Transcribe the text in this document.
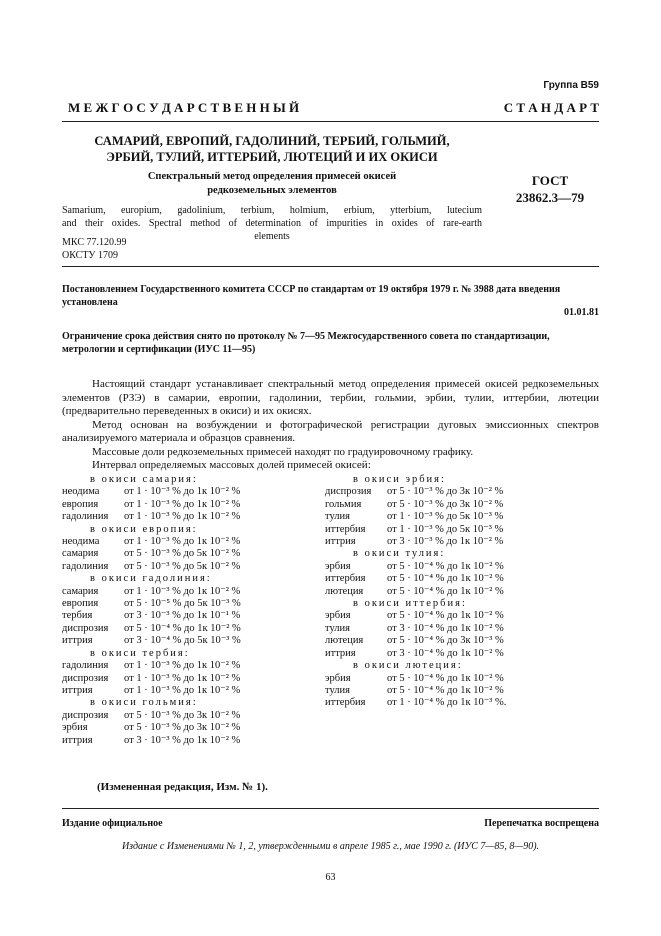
Группа В59
М Е Ж Г О С У Д А Р С Т В Е Н Н Ы Й	С Т А Н Д А Р Т
САМАРИЙ, ЕВРОПИЙ, ГАДОЛИНИЙ, ТЕРБИЙ, ГОЛЬМИЙ,
ЭРБИЙ, ТУЛИЙ, ИТТЕРБИЙ, ЛЮТЕЦИЙ И ИХ ОКИСИ
Спектральный метод определения примесей окисей
редкоземельных элементов
Samarium, europium, gadolinium, terbium, holmium, erbium, ytterbium, lutecium
and their oxides. Spectral method of determination of impurities in oxides of rare-earth
elements
ГОСТ
23862.3—79
МКС 77.120.99
ОКСТУ 1709
Постановлением Государственного комитета СССР по стандартам от 19 октября 1979 г. № 3988 дата введения установлена
01.01.81
Ограничение срока действия снято по протоколу № 7—95 Межгосударственного совета по стандартизации, метрологии и сертификации (ИУС 11—95)

Настоящий стандарт устанавливает спектральный метод определения примесей окисей редкоземельных элементов (РЗЭ) в самарии, европии, гадолинии, тербии, гольмии, эрбии, тулии, иттербии, лютеции (предварительно переведенных в окиси) и их окисях.

Метод основан на возбуждении и фотографической регистрации дуговых эмиссионных спектров анализируемого материала и образцов сравнения.

Массовые доли редкоземельных примесей находят по градуировочному графику.

Интервал определяемых массовых долей примесей окисей:

в окиси самария:
неодима	от 1 · 10⁻³ % до 1к 10⁻² %
европия	от 1 · 10⁻³ % до 1к 10⁻² %
гадолиния	от 1 · 10⁻³ % до 1к 10⁻² %
в окиси европия:
неодима	от 1 · 10⁻³ % до 1к 10⁻² %
самария	от 5 · 10⁻³ % до 5к 10⁻² %
гадолиния	от 5 · 10⁻³ % до 5к 10⁻² %
в окиси гадолиния:
самария	от 1 · 10⁻³ % до 1к 10⁻² %
европия	от 5 · 10⁻⁵ % до 5к 10⁻³ %
тербия	от 3 · 10⁻³ % до 1к 10⁻¹ %
диспрозия	от 5 · 10⁻⁴ % до 1к 10⁻² %
иттрия	от 3 · 10⁻⁴ % до 5к 10⁻³ %
в окиси тербия:
гадолиния	от 1 · 10⁻³ % до 1к 10⁻² %
диспрозия	от 1 · 10⁻³ % до 1к 10⁻² %
иттрия	от 1 · 10⁻³ % до 1к 10⁻² %
в окиси гольмия:
диспрозия	от 5 · 10⁻³ % до 3к 10⁻² %
эрбия	от 5 · 10⁻³ % до 3к 10⁻² %
иттрия	от 3 · 10⁻³ % до 1к 10⁻² %
в окиси эрбия:
диспрозия	от 5 · 10⁻³ % до 3к 10⁻² %
гольмия	от 5 · 10⁻³ % до 3к 10⁻² %
тулия	от 1 · 10⁻³ % до 5к 10⁻³ %
иттербия	от 1 · 10⁻³ % до 5к 10⁻³ %
иттрия	от 3 · 10⁻³ % до 1к 10⁻² %
в окиси тулия:
эрбия	от 5 · 10⁻⁴ % до 1к 10⁻² %
иттербия	от 5 · 10⁻⁴ % до 1к 10⁻² %
лютеция	от 5 · 10⁻⁴ % до 1к 10⁻² %
в окиси иттербия:
эрбия	от 5 · 10⁻⁴ % до 1к 10⁻² %
тулия	от 3 · 10⁻⁴ % до 1к 10⁻² %
лютеция	от 5 · 10⁻⁴ % до 3к 10⁻³ %
иттрия	от 3 · 10⁻⁴ % до 1к 10⁻² %
в окиси лютеция:
эрбия	от 5 · 10⁻⁴ % до 1к 10⁻² %
тулия	от 5 · 10⁻⁴ % до 1к 10⁻² %
иттербия	от 1 · 10⁻⁴ % до 1к 10⁻³ %.
(Измененная редакция, Изм. № 1).
Издание официальное	Перепечатка воспрещена
Издание с Изменениями № 1, 2, утвержденными в апреле 1985 г., мае 1990 г. (ИУС 7—85, 8—90).
63
